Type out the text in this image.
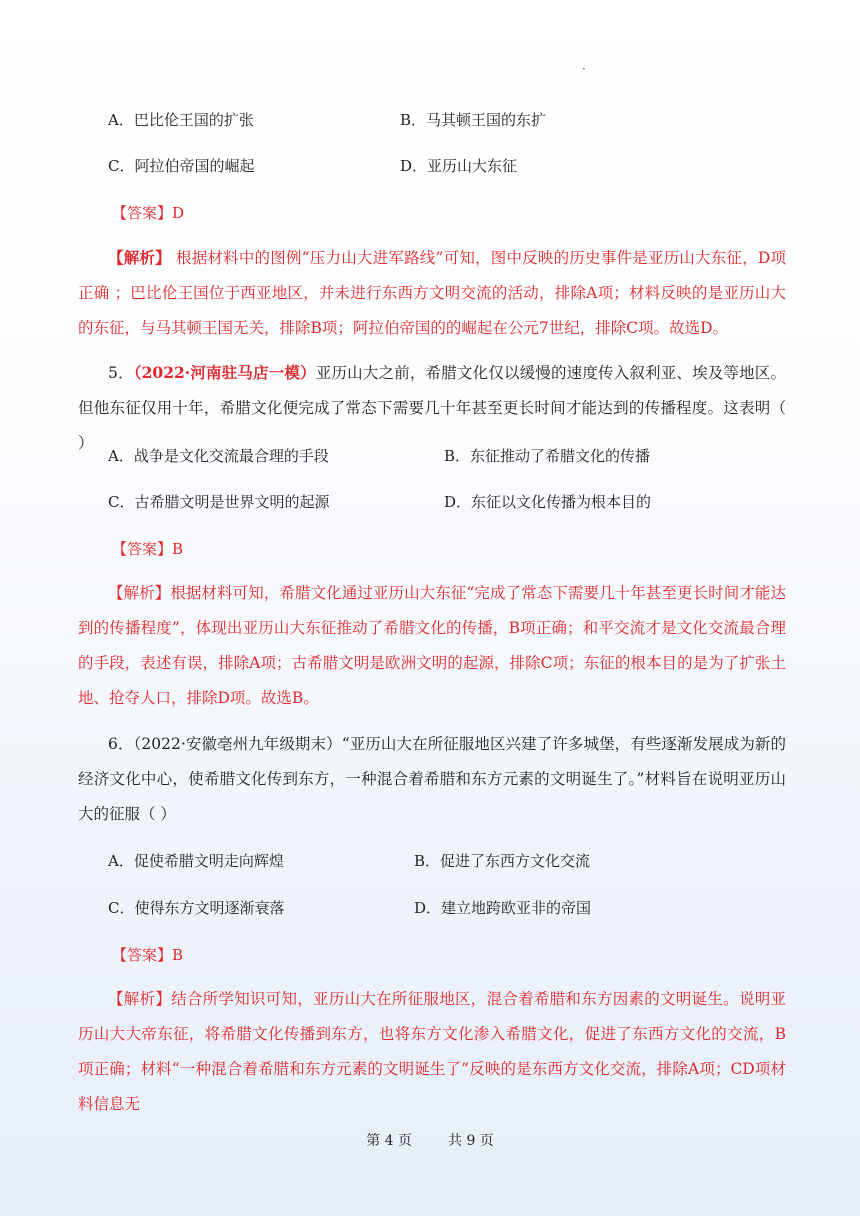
·
A．巴比伦王国的扩张	B．马其顿王国的东扩
C．阿拉伯帝国的崛起	D．亚历山大东征
【答案】D
【解析】 根据材料中的图例“压力山大进军路线”可知，图中反映的历史事件是亚历山大东征，D项正确 ；巴比伦王国位于西亚地区，并未进行东西方文明交流的活动，排除A项；材料反映的是亚历山大的东征，与马其顿王国无关，排除B项；阿拉伯帝国的的崛起在公元7世纪，排除C项。故选D。
5．（2022·河南驻马店一模）亚历山大之前，希腊文化仅以缓慢的速度传入叙利亚、埃及等地区。但他东征仅用十年，希腊文化便完成了常态下需要几十年甚至更长时间才能达到的传播程度。这表明（ ）
A．战争是文化交流最合理的手段	B．东征推动了希腊文化的传播
C．古希腊文明是世界文明的起源	D．东征以文化传播为根本目的
【答案】B
【解析】根据材料可知，希腊文化通过亚历山大东征“完成了常态下需要几十年甚至更长时间才能达到的传播程度”，体现出亚历山大东征推动了希腊文化的传播，B项正确；和平交流才是文化交流最合理的手段，表述有误，排除A项；古希腊文明是欧洲文明的起源，排除C项；东征的根本目的是为了扩张土地、抢夺人口，排除D项。故选B。
6．（2022·安徽亳州九年级期末）“亚历山大在所征服地区兴建了许多城堡，有些逐渐发展成为新的经济文化中心，使希腊文化传到东方，一种混合着希腊和东方元素的文明诞生了。”材料旨在说明亚历山大的征服（ ）
A．促使希腊文明走向辉煌	B．促进了东西方文化交流
C．使得东方文明逐渐衰落	D．建立地跨欧亚非的帝国
【答案】B
【解析】结合所学知识可知，亚历山大在所征服地区，混合着希腊和东方因素的文明诞生。说明亚历山大大帝东征，将希腊文化传播到东方，也将东方文化渗入希腊文化，促进了东西方文化的交流，B项正确；材料“一种混合着希腊和东方元素的文明诞生了”反映的是东西方文化交流，排除A项；CD项材料信息无
第 4 页	共 9 页
